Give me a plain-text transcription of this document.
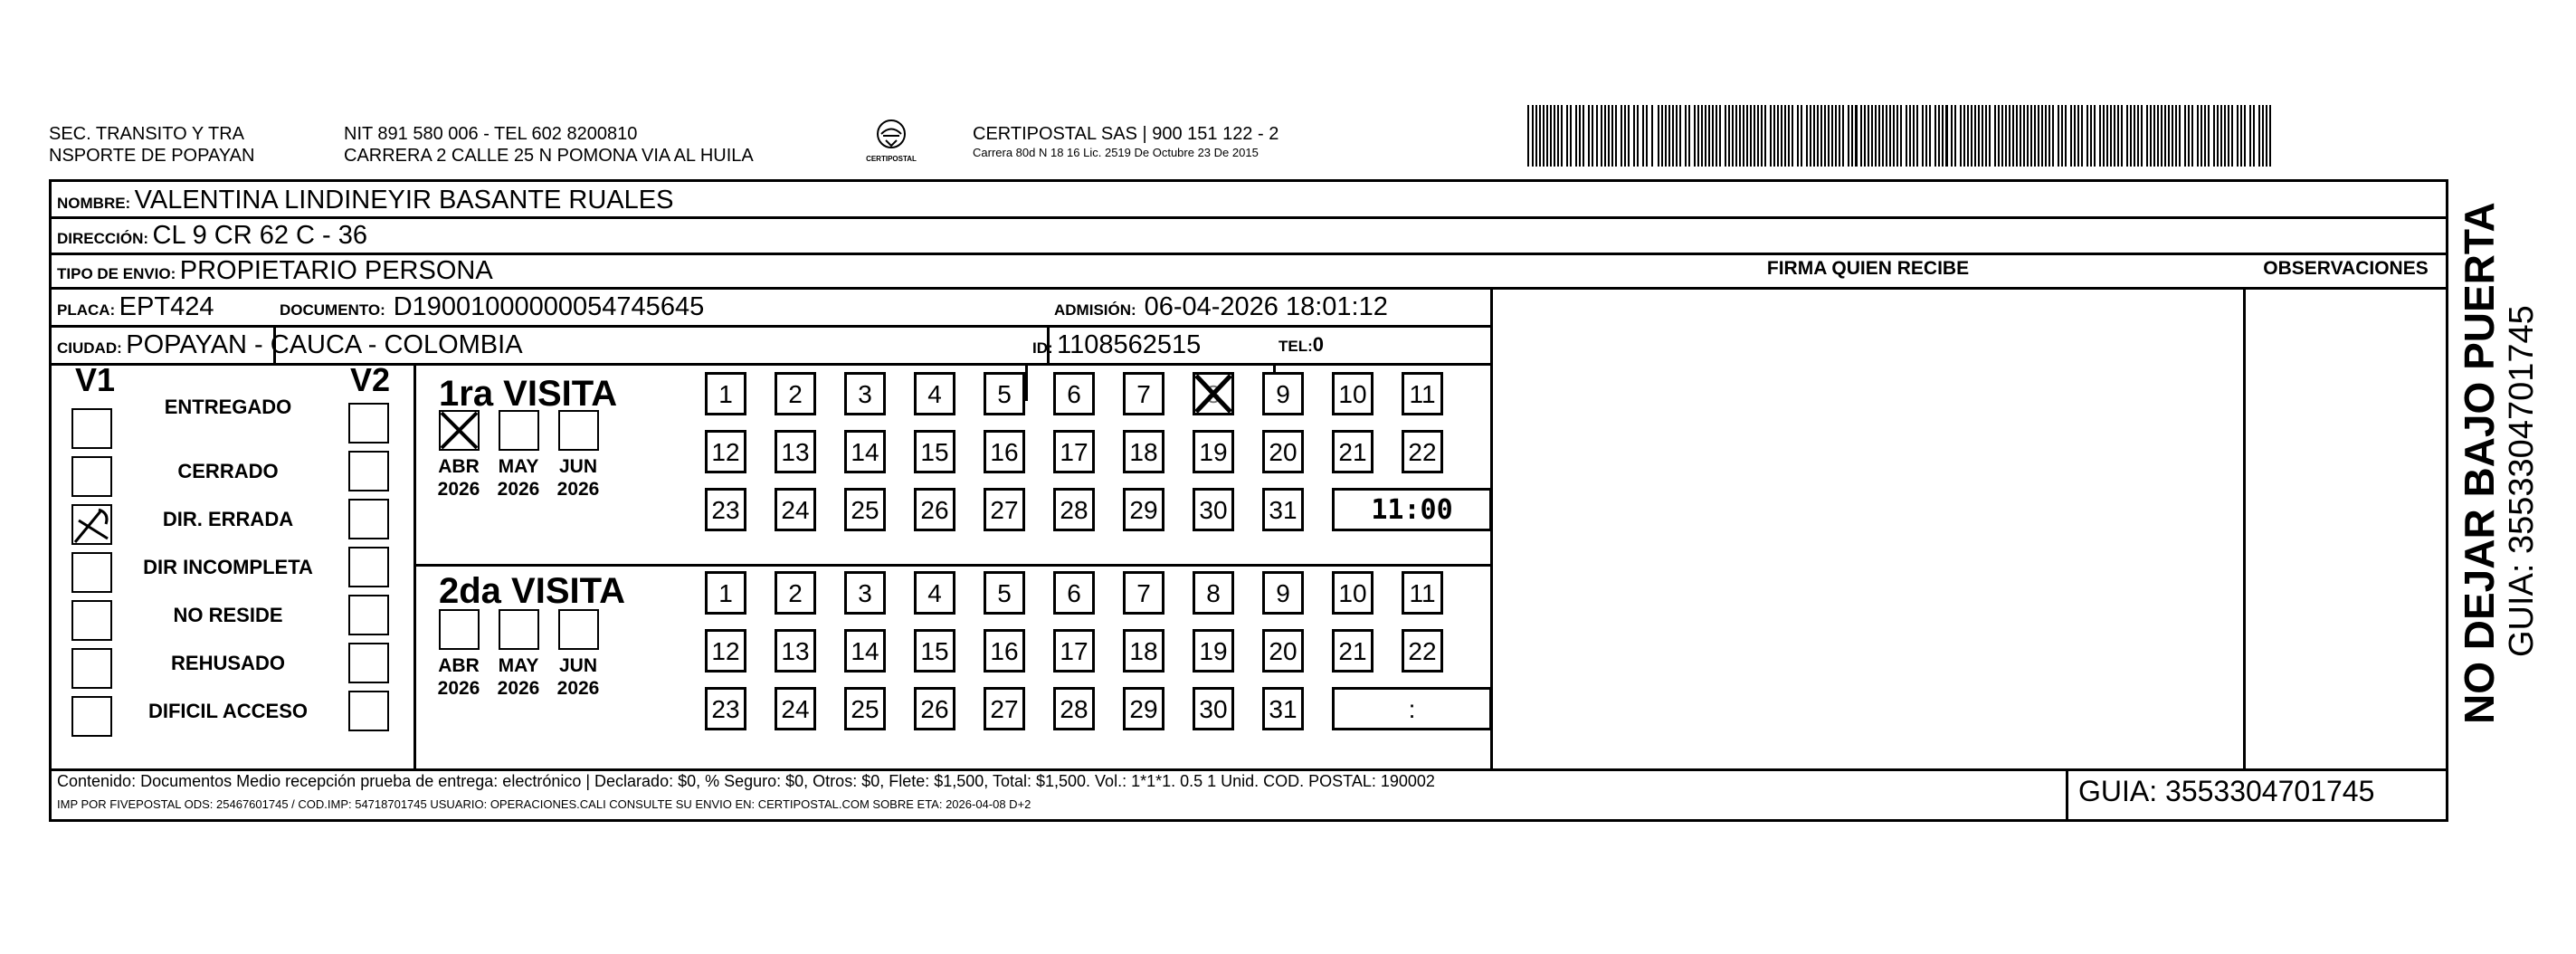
SEC. TRANSITO Y TRA
NSPORTE DE POPAYAN
NIT 891 580 006 - TEL 602 8200810
CARRERA 2 CALLE 25 N POMONA VIA AL HUILA	CERTIPOSTAL
CERTIPOSTAL SAS | 900 151 122 - 2
Carrera 80d N 18 16 Lic. 2519 De Octubre 23 De 2015
NOMBRE: VALENTINA LINDINEYIR BASANTE RUALES
DIRECCIÓN: CL 9 CR 62 C - 36
TIPO DE ENVIO: PROPIETARIO PERSONA	FIRMA QUIEN RECIBE	OBSERVACIONES
PLACA: EPT424	DOCUMENTO: D19001000000054745645	ADMISIÓN: 06-04-2026 18:01:12
CIUDAD: POPAYAN - CAUCA - COLOMBIA	ID: 1108562515	TEL:0
V1	V2
ENTREGADO
CERRADO
DIR. ERRADA
DIR INCOMPLETA
NO RESIDE
REHUSADO
DIFICIL ACCESO
1ra VISITA
ABR
2026
MAY
2026
JUN
2026
1	2	3	4	5	6	7	8	9	10	11
12 13 14 15 16 17 18 19 20 21 22
23 24 25 26 27 28 29 30 31	11:00
2da VISITA
ABR
2026
MAY
2026
JUN
2026
1	2	3	4	5	6	7	8	9	10	11
12 13 14 15 16 17 18 19 20 21 22
23 24 25 26 27 28 29 30 31	:
Contenido: Documentos Medio recepción prueba de entrega: electrónico | Declarado: $0, % Seguro: $0, Otros: $0, Flete: $1,500, Total: $1,500. Vol.: 1*1*1. 0.5 1 Unid. COD. POSTAL: 190002
IMP POR FIVEPOSTAL ODS: 25467601745 / COD.IMP: 54718701745 USUARIO: OPERACIONES.CALI CONSULTE SU ENVIO EN: CERTIPOSTAL.COM SOBRE ETA: 2026-04-08 D+2	GUIA: 3553304701745
NO DEJAR BAJO PUERTA GUIA: 3553304701745
